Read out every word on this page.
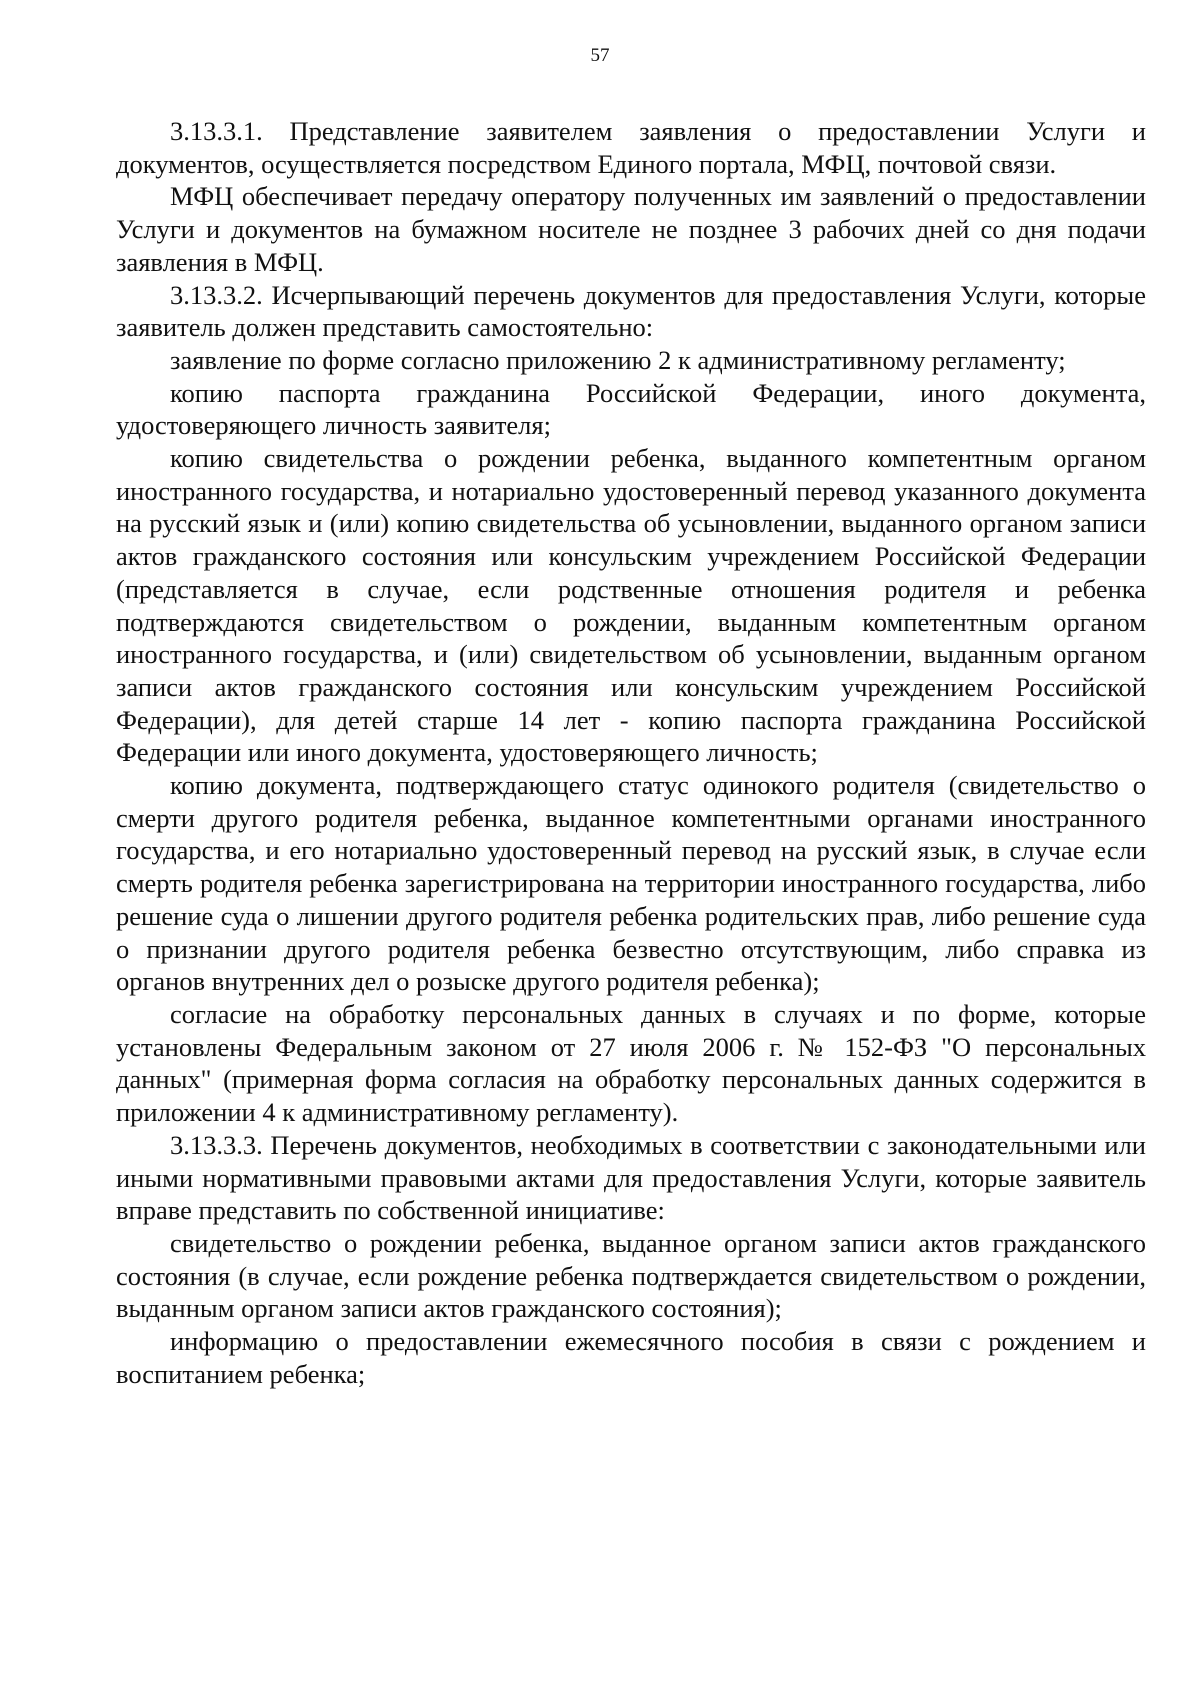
57

3.13.3.1. Представление заявителем заявления о предоставлении Услуги и документов, осуществляется посредством Единого портала, МФЦ, почтовой связи.

МФЦ обеспечивает передачу оператору полученных им заявлений о предоставлении Услуги и документов на бумажном носителе не позднее 3 рабочих дней со дня подачи заявления в МФЦ.

3.13.3.2. Исчерпывающий перечень документов для предоставления Услуги, которые заявитель должен представить самостоятельно:

заявление по форме согласно приложению 2 к административному регламенту;

копию паспорта гражданина Российской Федерации, иного документа, удостоверяющего личность заявителя;

копию свидетельства о рождении ребенка, выданного компетентным органом иностранного государства, и нотариально удостоверенный перевод указанного документа на русский язык и (или) копию свидетельства об усыновлении, выданного органом записи актов гражданского состояния или консульским учреждением Российской Федерации (представляется в случае, если родственные отношения родителя и ребенка подтверждаются свидетельством о рождении, выданным компетентным органом иностранного государства, и (или) свидетельством об усыновлении, выданным органом записи актов гражданского состояния или консульским учреждением Российской Федерации), для детей старше 14 лет - копию паспорта гражданина Российской Федерации или иного документа, удостоверяющего личность;

копию документа, подтверждающего статус одинокого родителя (свидетельство о смерти другого родителя ребенка, выданное компетентными органами иностранного государства, и его нотариально удостоверенный перевод на русский язык, в случае если смерть родителя ребенка зарегистрирована на территории иностранного государства, либо решение суда о лишении другого родителя ребенка родительских прав, либо решение суда о признании другого родителя ребенка безвестно отсутствующим, либо справка из органов внутренних дел о розыске другого родителя ребенка);

согласие на обработку персональных данных в случаях и по форме, которые установлены Федеральным законом от 27 июля 2006 г. № 152-ФЗ "О персональных данных" (примерная форма согласия на обработку персональных данных содержится в приложении 4 к административному регламенту).

3.13.3.3. Перечень документов, необходимых в соответствии с законодательными или иными нормативными правовыми актами для предоставления Услуги, которые заявитель вправе представить по собственной инициативе:

свидетельство о рождении ребенка, выданное органом записи актов гражданского состояния (в случае, если рождение ребенка подтверждается свидетельством о рождении, выданным органом записи актов гражданского состояния);

информацию о предоставлении ежемесячного пособия в связи с рождением и воспитанием ребенка;
